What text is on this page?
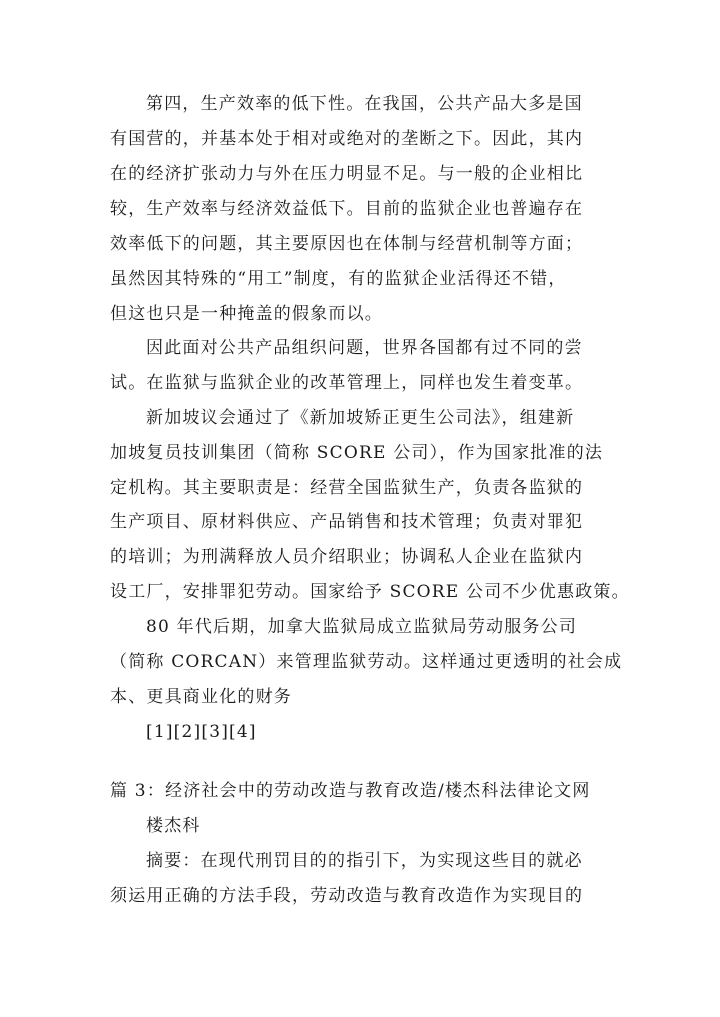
第四，生产效率的低下性。在我国，公共产品大多是国
有国营的，并基本处于相对或绝对的垄断之下。因此，其内
在的经济扩张动力与外在压力明显不足。与一般的企业相比
较，生产效率与经济效益低下。目前的监狱企业也普遍存在
效率低下的问题，其主要原因也在体制与经营机制等方面；
虽然因其特殊的“用工”制度，有的监狱企业活得还不错，
但这也只是一种掩盖的假象而以。
因此面对公共产品组织问题，世界各国都有过不同的尝
试。在监狱与监狱企业的改革管理上，同样也发生着变革。
新加坡议会通过了《新加坡矫正更生公司法》，组建新
加坡复员技训集团（简称 SCORE 公司），作为国家批准的法
定机构。其主要职责是：经营全国监狱生产，负责各监狱的
生产项目、原材料供应、产品销售和技术管理；负责对罪犯
的培训；为刑满释放人员介绍职业；协调私人企业在监狱内
设工厂，安排罪犯劳动。国家给予 SCORE 公司不少优惠政策。
80 年代后期，加拿大监狱局成立监狱局劳动服务公司
（简称 CORCAN）来管理监狱劳动。这样通过更透明的社会成
本、更具商业化的财务
[1][2][3][4]
篇 3：经济社会中的劳动改造与教育改造/楼杰科法律论文网
楼杰科
摘要：在现代刑罚目的的指引下，为实现这些目的就必
须运用正确的方法手段，劳动改造与教育改造作为实现目的
